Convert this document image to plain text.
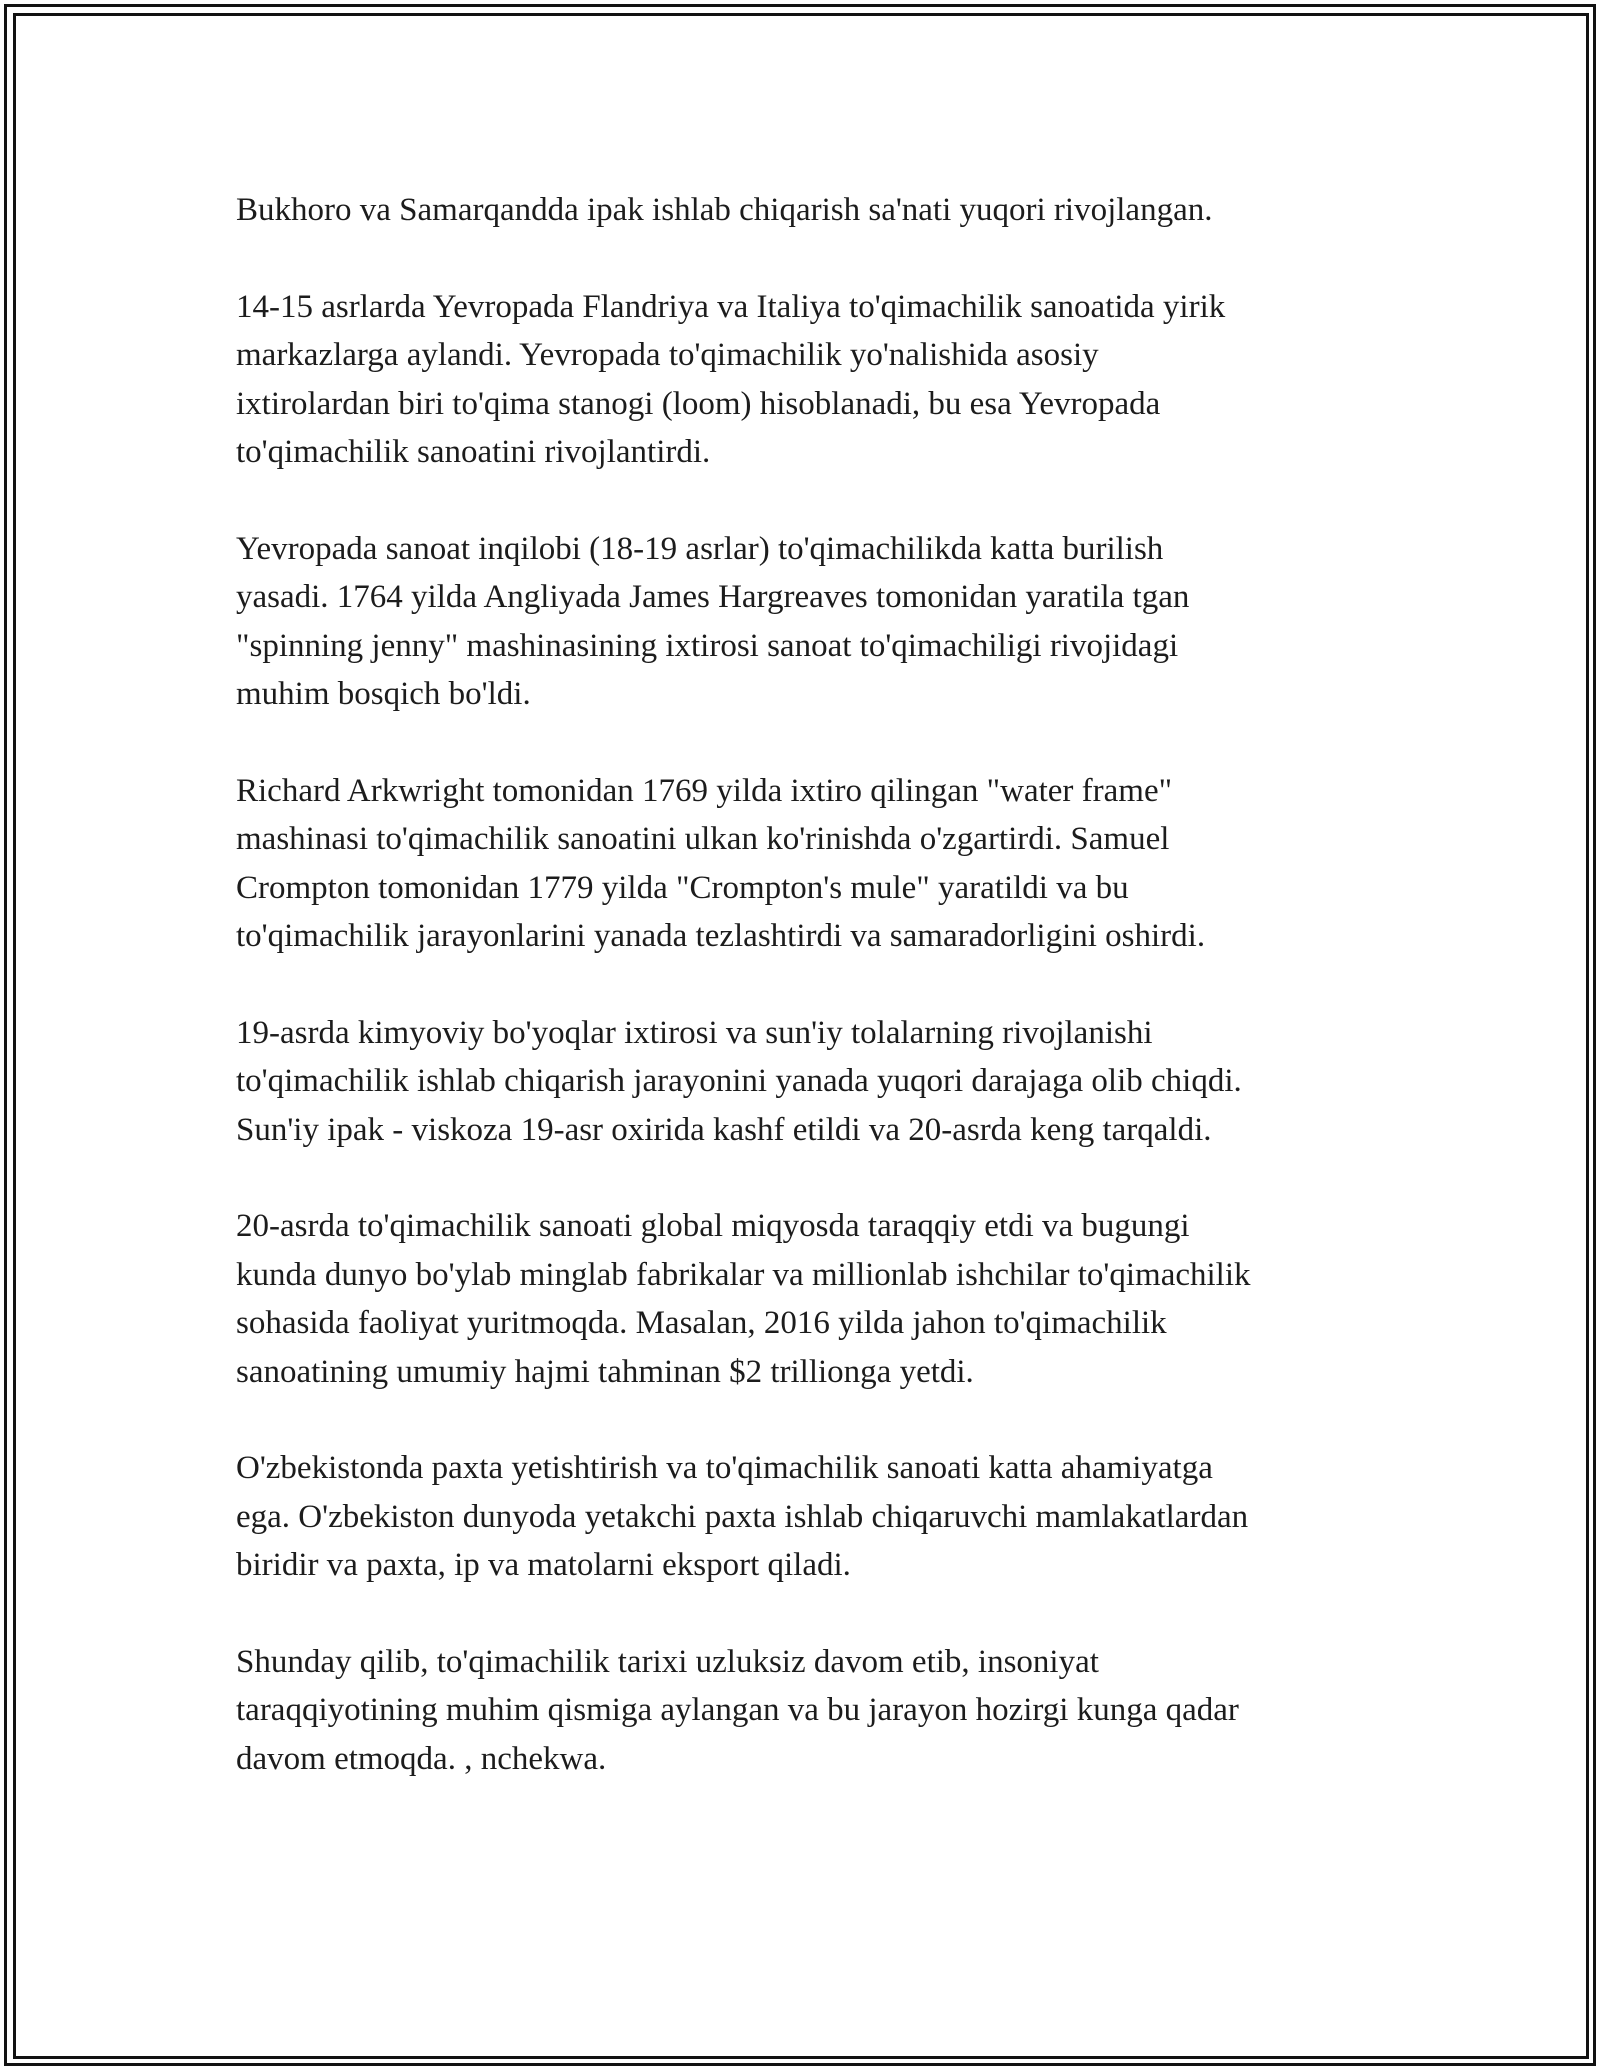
Bukhoro va Samarqandda ipak ishlab chiqarish sa'nati yuqori rivojlangan.

14-15 asrlarda Yevropada Flandriya va Italiya to'qimachilik sanoatida yirik
markazlarga aylandi. Yevropada to'qimachilik yo'nalishida asosiy
ixtirolardan biri to'qima stanogi (loom) hisoblanadi, bu esa Yevropada
to'qimachilik sanoatini rivojlantirdi.

Yevropada sanoat inqilobi (18-19 asrlar) to'qimachilikda katta burilish
yasadi. 1764 yilda Angliyada James Hargreaves tomonidan yaratila tgan
"spinning jenny" mashinasining ixtirosi sanoat to'qimachiligi rivojidagi
muhim bosqich bo'ldi.

Richard Arkwright tomonidan 1769 yilda ixtiro qilingan "water frame"
mashinasi to'qimachilik sanoatini ulkan ko'rinishda o'zgartirdi. Samuel
Crompton tomonidan 1779 yilda "Crompton's mule" yaratildi va bu
to'qimachilik jarayonlarini yanada tezlashtirdi va samaradorligini oshirdi.

19-asrda kimyoviy bo'yoqlar ixtirosi va sun'iy tolalarning rivojlanishi
to'qimachilik ishlab chiqarish jarayonini yanada yuqori darajaga olib chiqdi.
Sun'iy ipak - viskoza 19-asr oxirida kashf etildi va 20-asrda keng tarqaldi.

20-asrda to'qimachilik sanoati global miqyosda taraqqiy etdi va bugungi
kunda dunyo bo'ylab minglab fabrikalar va millionlab ishchilar to'qimachilik
sohasida faoliyat yuritmoqda. Masalan, 2016 yilda jahon to'qimachilik
sanoatining umumiy hajmi tahminan $2 trillionga yetdi.

O'zbekistonda paxta yetishtirish va to'qimachilik sanoati katta ahamiyatga
ega. O'zbekiston dunyoda yetakchi paxta ishlab chiqaruvchi mamlakatlardan
biridir va paxta, ip va matolarni eksport qiladi.

Shunday qilib, to'qimachilik tarixi uzluksiz davom etib, insoniyat
taraqqiyotining muhim qismiga aylangan va bu jarayon hozirgi kunga qadar
davom etmoqda. , nchekwa.
